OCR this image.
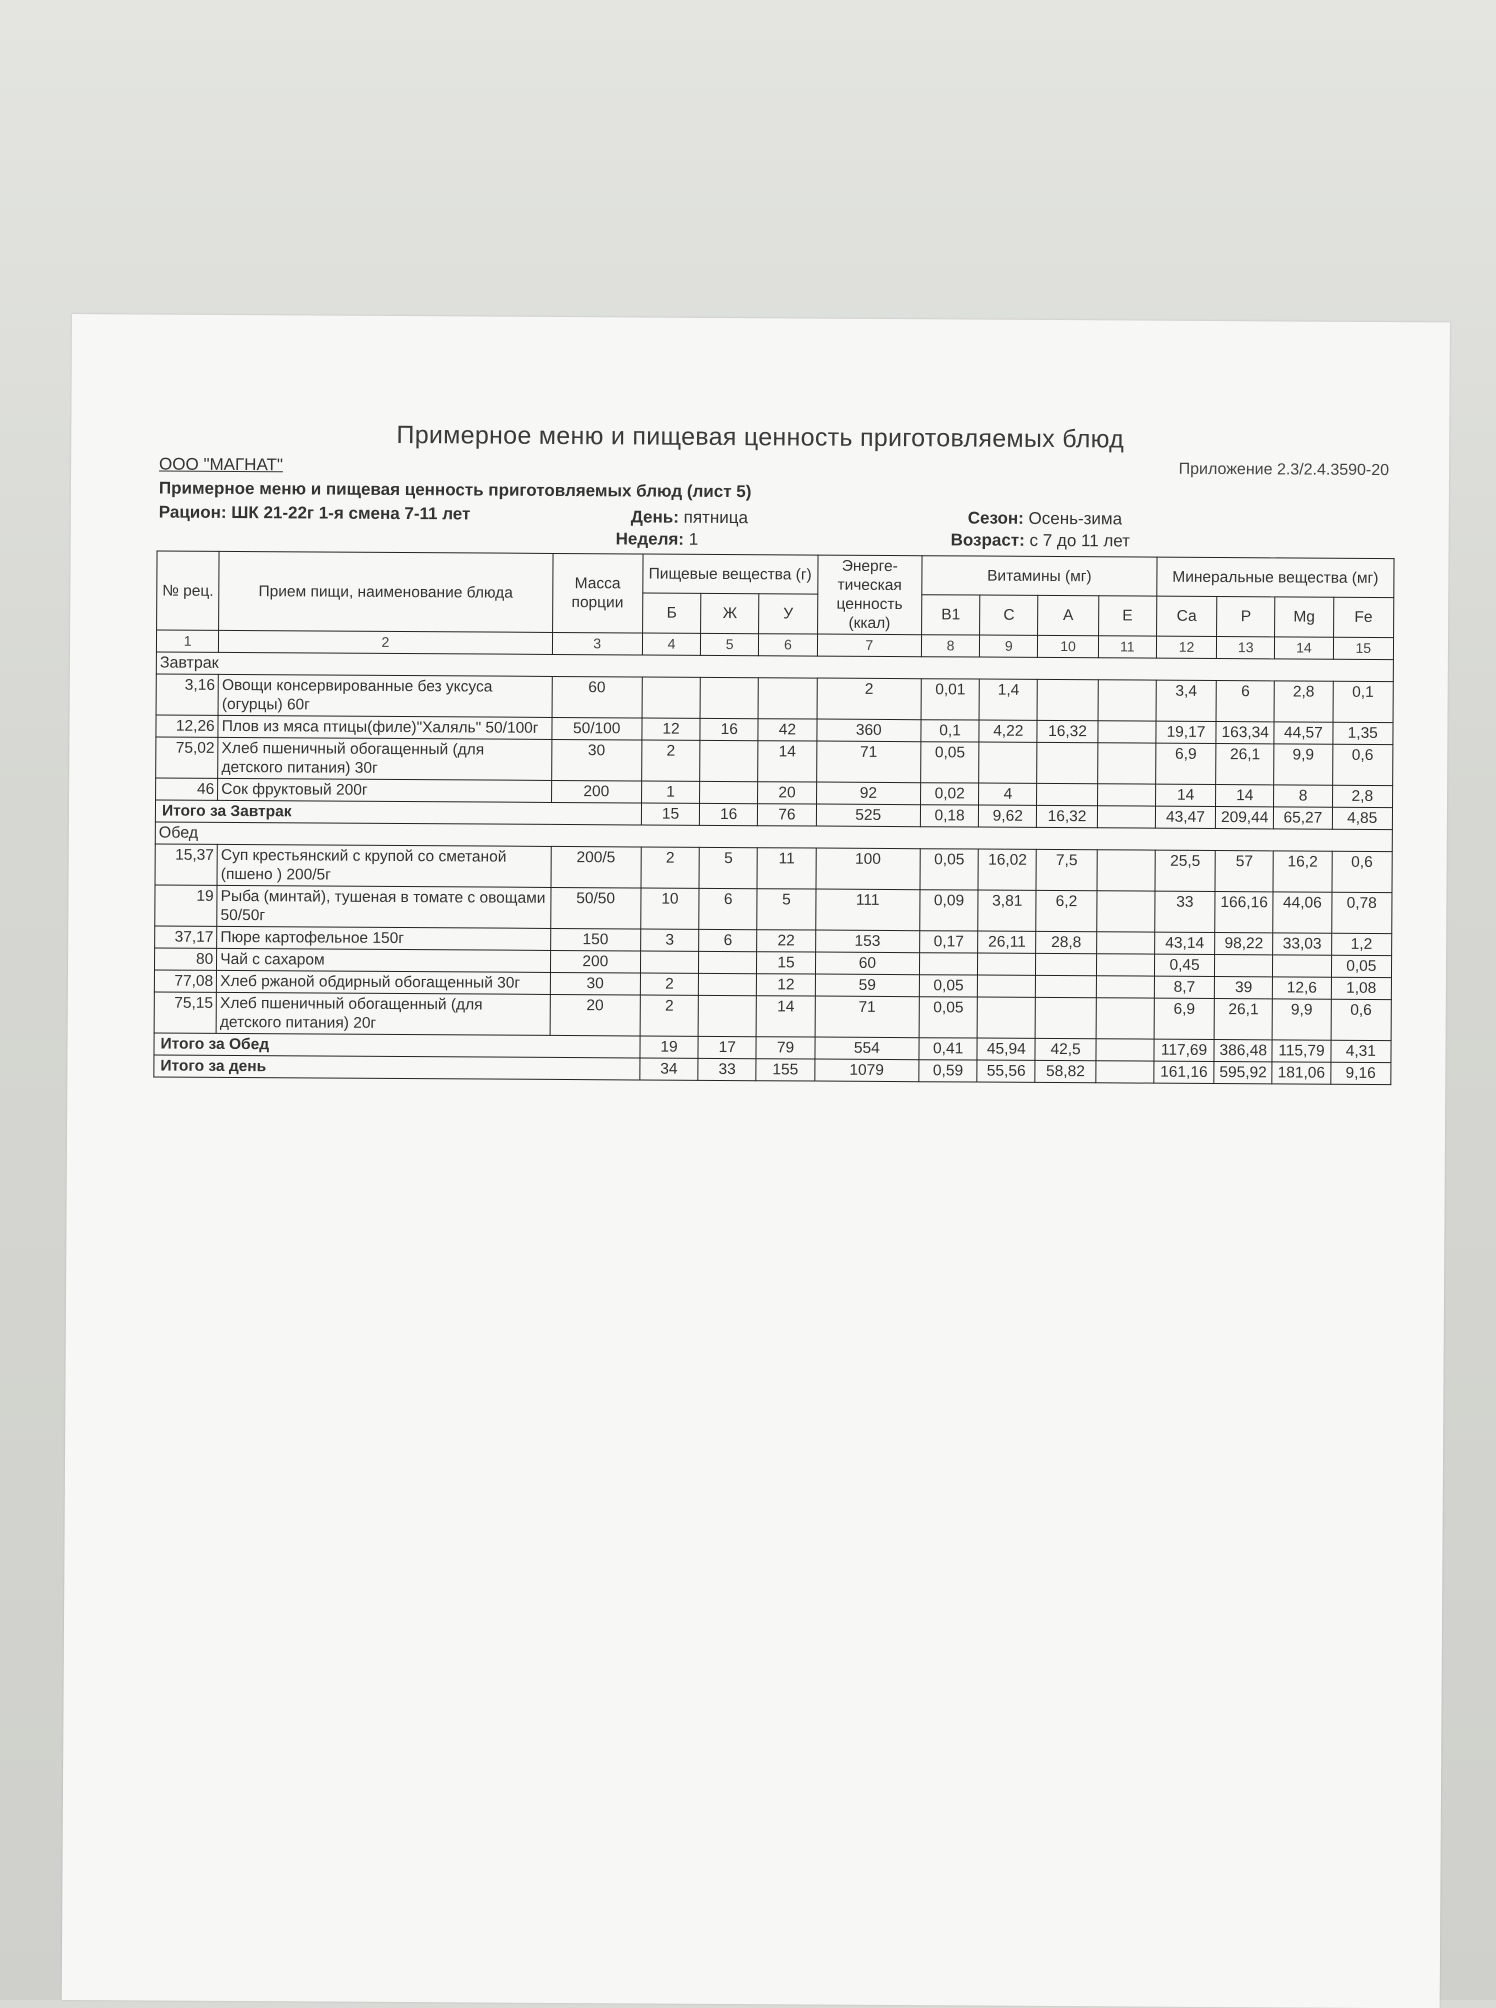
Примерное меню и пищевая ценность приготовляемых блюд
ООО "МАГНАТ"	Приложение 2.3/2.4.3590-20
Примерное меню и пищевая ценность приготовляемых блюд (лист 5)
Рацион: ШК 21-22г 1-я смена 7-11 лет	День: пятница	Сезон: Осень-зима
Неделя: 1	Возраст: с 7 до 11 лет
№ рец.	Прием пищи, наименование блюда	Масса порции	Пищевые вещества (г)			Энерге-тическая ценность (ккал)	Витамины (мг)				Минеральные вещества (мг)			
			Б	Ж	У		В1	С	А	Е	Са	Р	Mg	Fe
1	2	3	4	5	6	7	8	9	10	11	12	13	14	15
Завтрак														
3,16	Овощи консервированные без уксуса (огурцы) 60г	60				2	0,01	1,4			3,4	6	2,8	0,1
12,26	Плов из мяса птицы(филе)"Халяль" 50/100г	50/100	12	16	42	360	0,1	4,22	16,32		19,17	163,34	44,57	1,35
75,02	Хлеб пшеничный обогащенный (для детского питания) 30г	30	2		14	71	0,05				6,9	26,1	9,9	0,6
46	Сок фруктовый 200г	200	1		20	92	0,02	4			14	14	8	2,8
Итого за Завтрак			15	16	76	525	0,18	9,62	16,32		43,47	209,44	65,27	4,85
Обед														
15,37	Суп крестьянский с крупой со сметаной (пшено ) 200/5г	200/5	2	5	11	100	0,05	16,02	7,5		25,5	57	16,2	0,6
19	Рыба (минтай), тушеная в томате с овощами 50/50г	50/50	10	6	5	111	0,09	3,81	6,2		33	166,16	44,06	0,78
37,17	Пюре картофельное 150г	150	3	6	22	153	0,17	26,11	28,8		43,14	98,22	33,03	1,2
80	Чай с сахаром	200			15	60					0,45			0,05
77,08	Хлеб ржаной обдирный обогащенный 30г	30	2		12	59	0,05				8,7	39	12,6	1,08
75,15	Хлеб пшеничный обогащенный (для детского питания) 20г	20	2		14	71	0,05				6,9	26,1	9,9	0,6
Итого за Обед			19	17	79	554	0,41	45,94	42,5		117,69	386,48	115,79	4,31
Итого за день			34	33	155	1079	0,59	55,56	58,82		161,16	595,92	181,06	9,16
